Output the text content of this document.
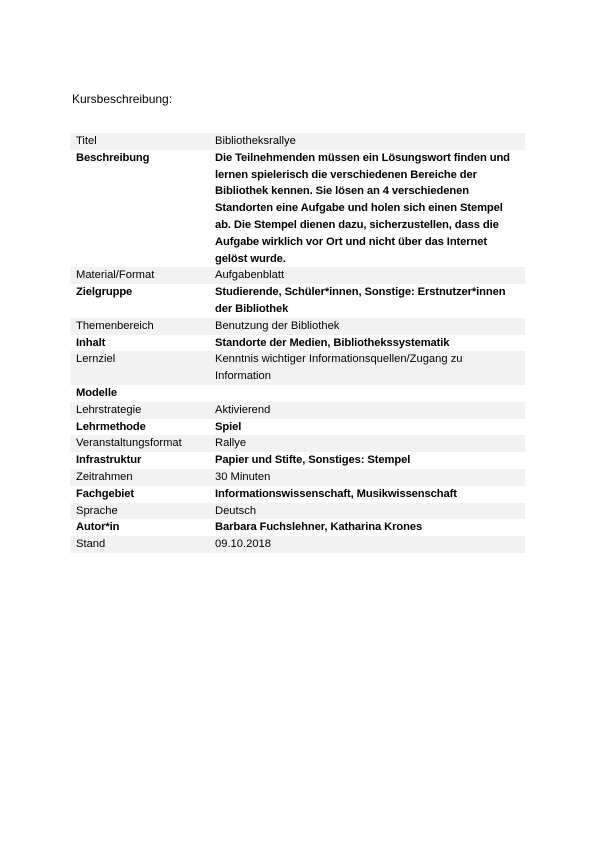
Kursbeschreibung:
Titel	Bibliotheksrallye
Beschreibung	Die Teilnehmenden müssen ein Lösungswort finden und lernen spielerisch die verschiedenen Bereiche der Bibliothek kennen. Sie lösen an 4 verschiedenen Standorten eine Aufgabe und holen sich einen Stempel ab. Die Stempel dienen dazu, sicherzustellen, dass die Aufgabe wirklich vor Ort und nicht über das Internet gelöst wurde.
Material/Format	Aufgabenblatt
Zielgruppe	Studierende, Schüler*innen, Sonstige: Erstnutzer*innen der Bibliothek
Themenbereich	Benutzung der Bibliothek
Inhalt	Standorte der Medien, Bibliothekssystematik
Lernziel	Kenntnis wichtiger Informationsquellen/Zugang zu Information
Modelle	
Lehrstrategie	Aktivierend
Lehrmethode	Spiel
Veranstaltungsformat	Rallye
Infrastruktur	Papier und Stifte, Sonstiges: Stempel
Zeitrahmen	30 Minuten
Fachgebiet	Informationswissenschaft, Musikwissenschaft
Sprache	Deutsch
Autor*in	Barbara Fuchslehner, Katharina Krones
Stand	09.10.2018
